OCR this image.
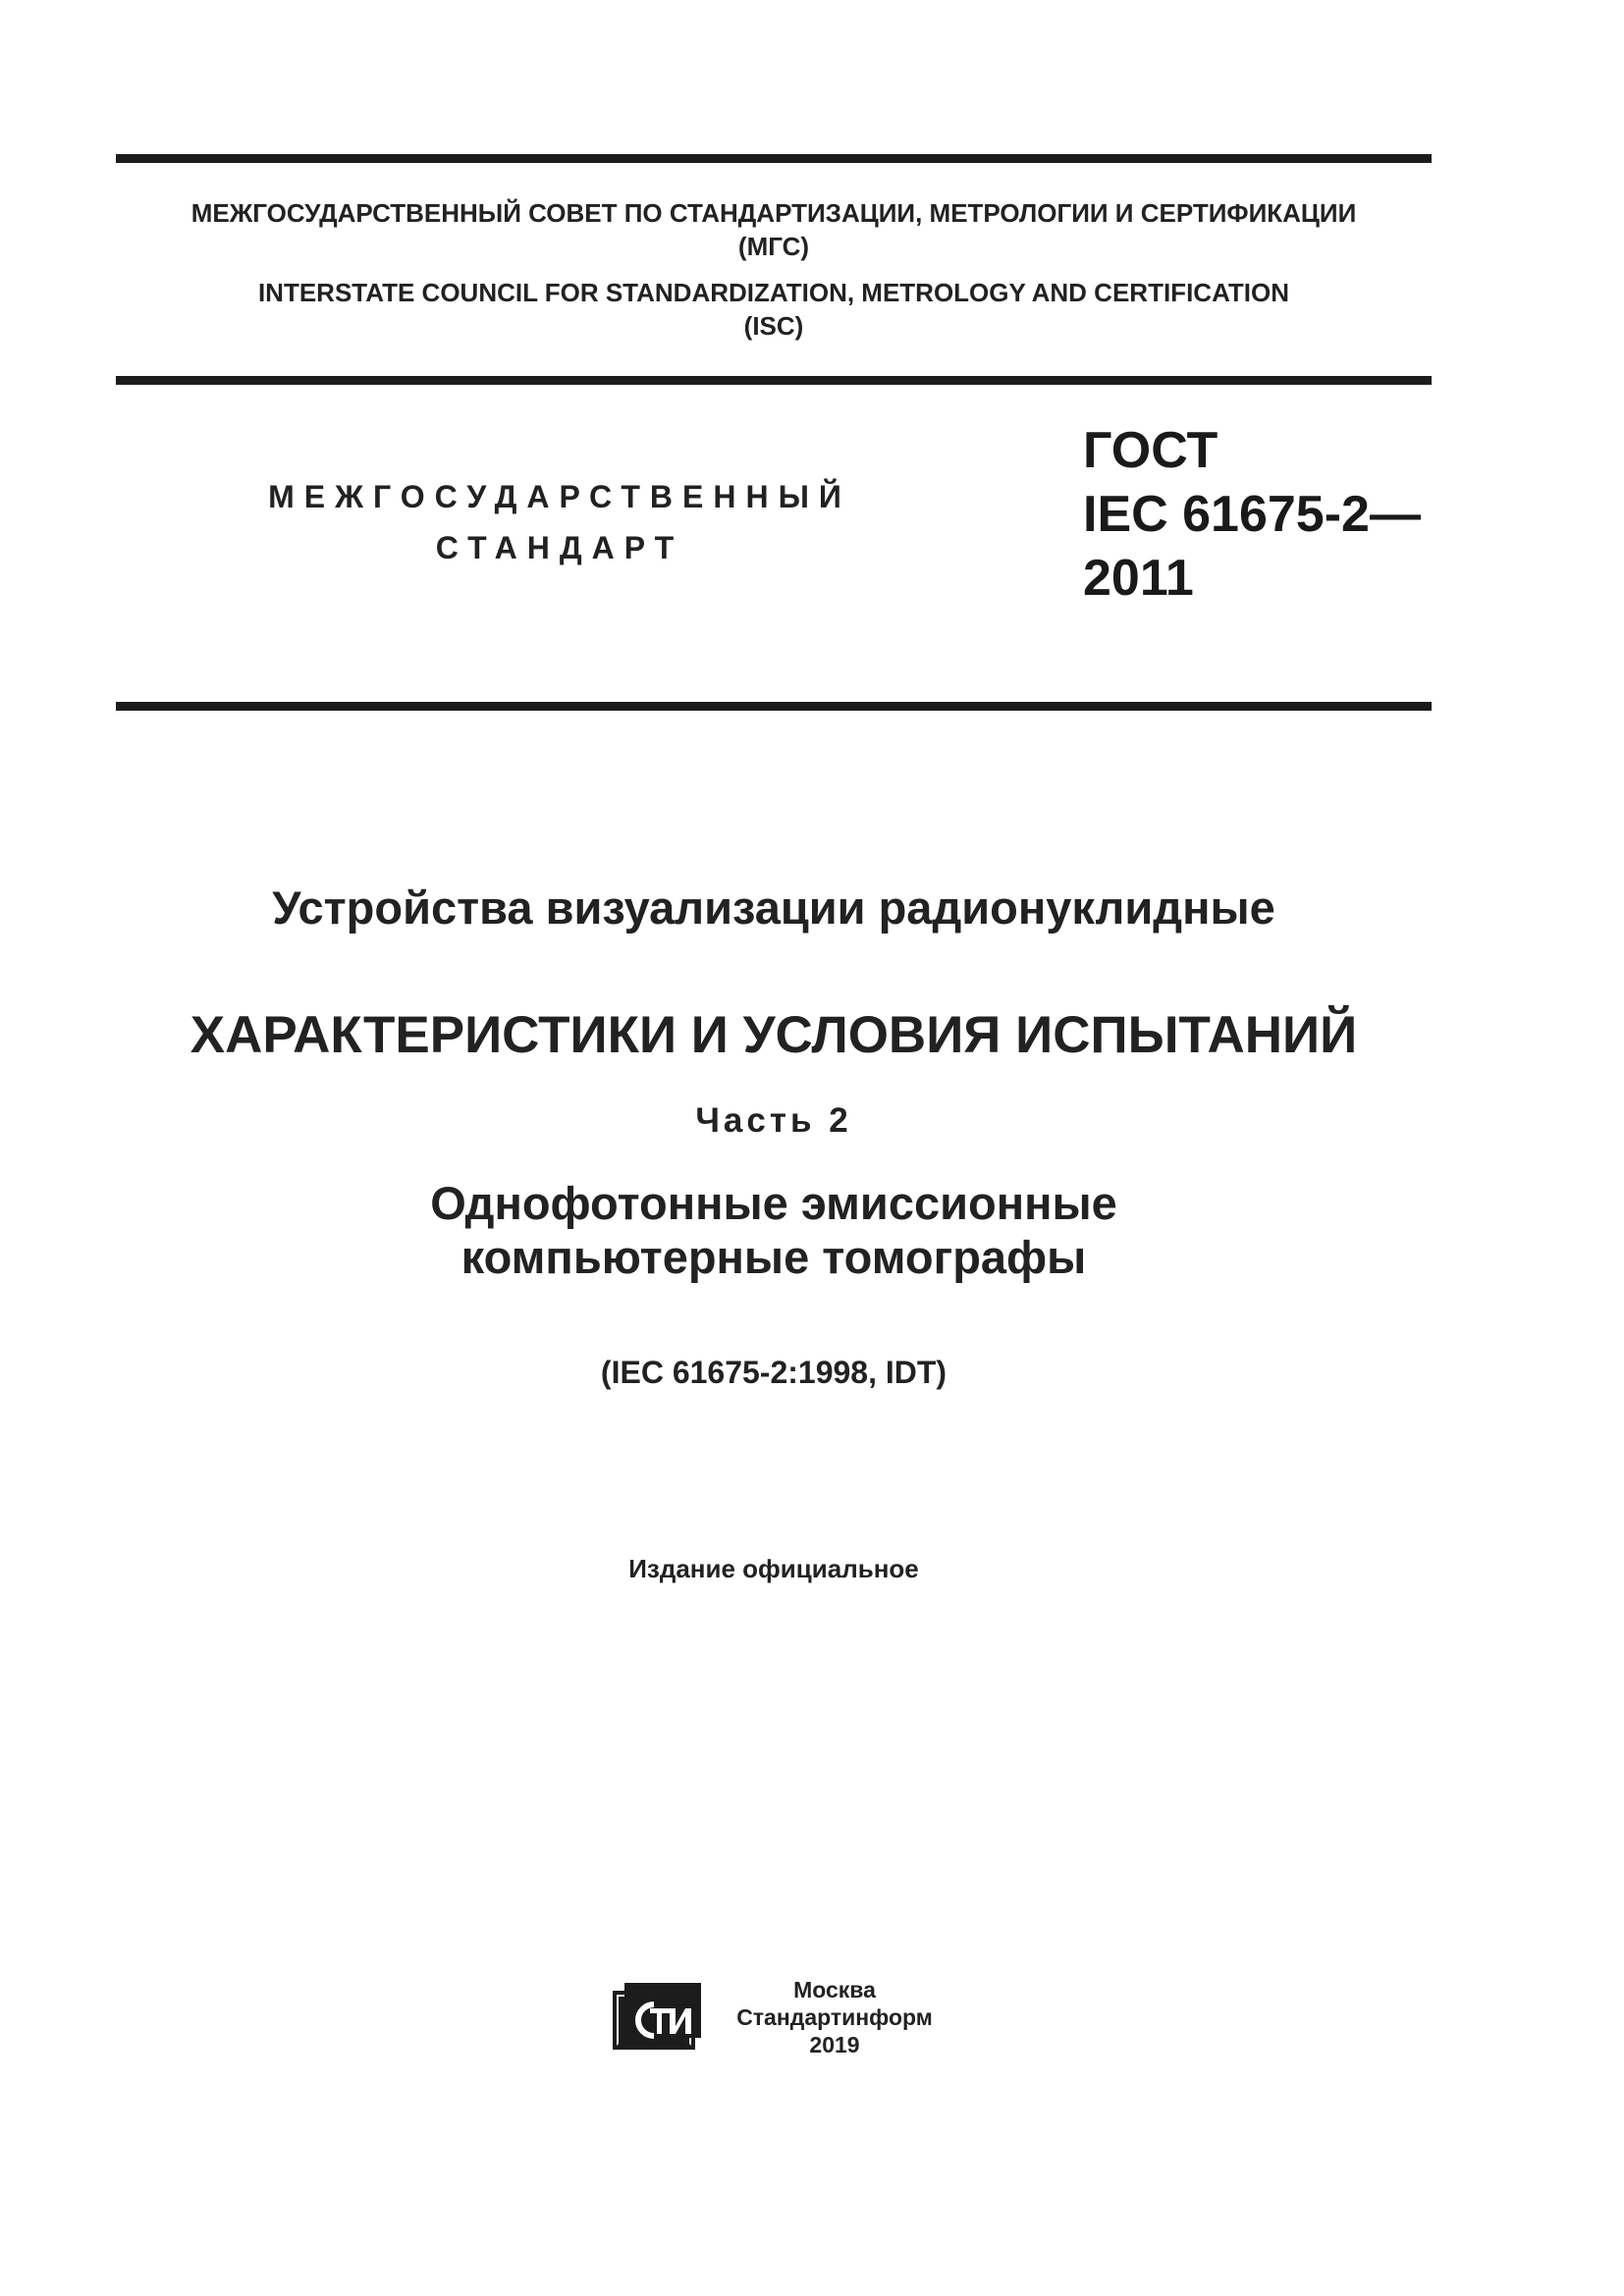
МЕЖГОСУДАРСТВЕННЫЙ СОВЕТ ПО СТАНДАРТИЗАЦИИ, МЕТРОЛОГИИ И СЕРТИФИКАЦИИ
(МГС)
INTERSTATE COUNCIL FOR STANDARDIZATION, METROLOGY AND CERTIFICATION
(ISC)
МЕЖГОСУДАРСТВЕННЫЙ
СТАНДАРТ
ГОСТ
IEC 61675-2—
2011
Устройства визуализации радионуклидные
ХАРАКТЕРИСТИКИ И УСЛОВИЯ ИСПЫТАНИЙ
Часть 2
Однофотонные эмиссионные
компьютерные томографы
(IEC 61675-2:1998, IDT)
Издание официальное
Москва
Стандартинформ
2019
